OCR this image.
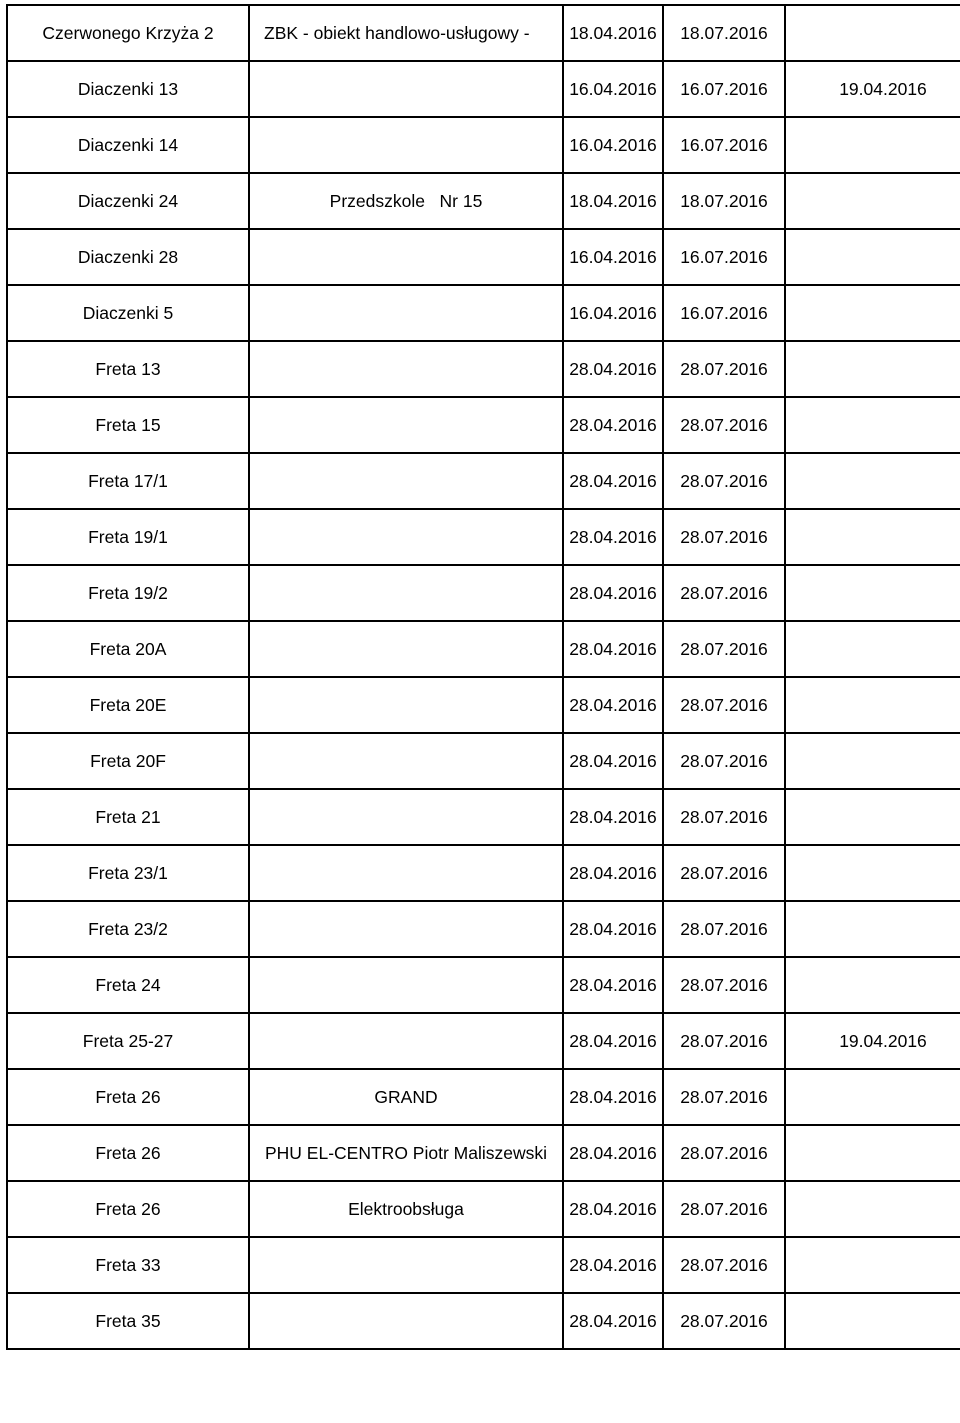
Czerwonego Krzyża 2	ZBK - obiekt handlowo-usługowy -	18.04.2016	18.07.2016	
Diaczenki 13		16.04.2016	16.07.2016	19.04.2016
Diaczenki 14		16.04.2016	16.07.2016	
Diaczenki 24	Przedszkole   Nr 15	18.04.2016	18.07.2016	
Diaczenki 28		16.04.2016	16.07.2016	
Diaczenki 5		16.04.2016	16.07.2016	
Freta 13		28.04.2016	28.07.2016	
Freta 15		28.04.2016	28.07.2016	
Freta 17/1		28.04.2016	28.07.2016	
Freta 19/1		28.04.2016	28.07.2016	
Freta 19/2		28.04.2016	28.07.2016	
Freta 20A		28.04.2016	28.07.2016	
Freta 20E		28.04.2016	28.07.2016	
Freta 20F		28.04.2016	28.07.2016	
Freta 21		28.04.2016	28.07.2016	
Freta 23/1		28.04.2016	28.07.2016	
Freta 23/2		28.04.2016	28.07.2016	
Freta 24		28.04.2016	28.07.2016	
Freta 25-27		28.04.2016	28.07.2016	19.04.2016
Freta 26	GRAND	28.04.2016	28.07.2016	
Freta 26	PHU EL-CENTRO Piotr Maliszewski	28.04.2016	28.07.2016	
Freta 26	Elektroobsługa	28.04.2016	28.07.2016	
Freta 33		28.04.2016	28.07.2016	
Freta 35		28.04.2016	28.07.2016	
